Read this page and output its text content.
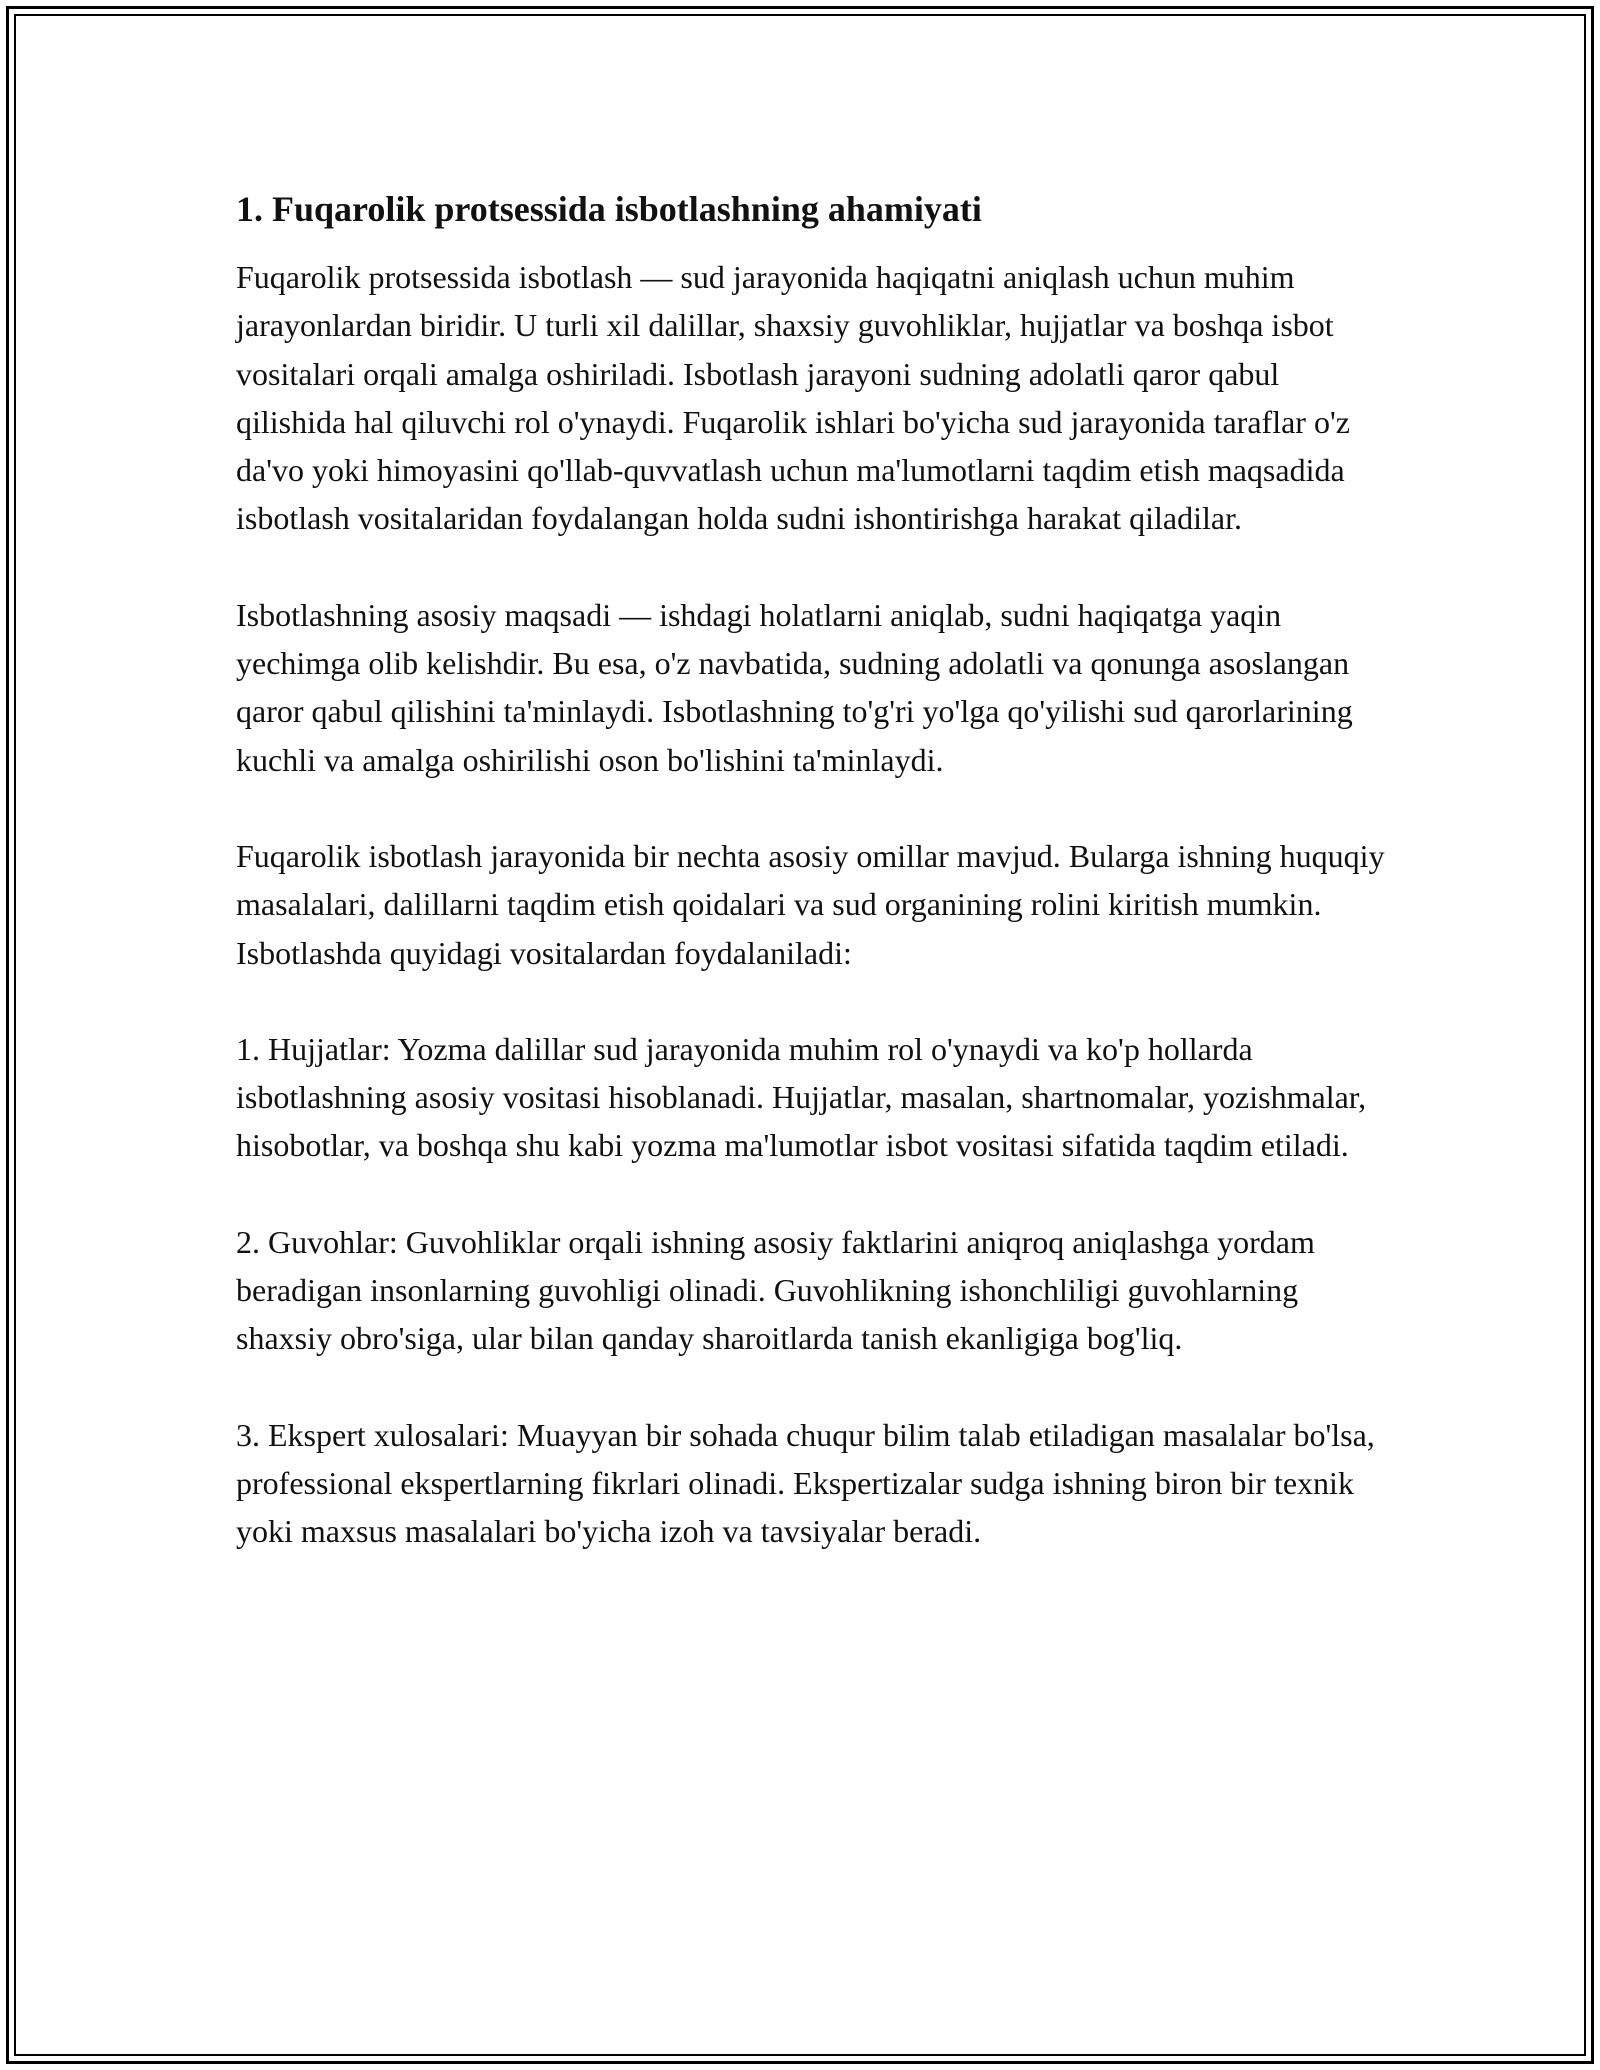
1. Fuqarolik protsessida isbotlashning ahamiyati

Fuqarolik protsessida isbotlash — sud jarayonida haqiqatni aniqlash uchun muhim jarayonlardan biridir. U turli xil dalillar, shaxsiy guvohliklar, hujjatlar va boshqa isbot vositalari orqali amalga oshiriladi. Isbotlash jarayoni sudning adolatli qaror qabul qilishida hal qiluvchi rol o'ynaydi. Fuqarolik ishlari bo'yicha sud jarayonida taraflar o'z da'vo yoki himoyasini qo'llab-quvvatlash uchun ma'lumotlarni taqdim etish maqsadida isbotlash vositalaridan foydalangan holda sudni ishontirishga harakat qiladilar.

Isbotlashning asosiy maqsadi — ishdagi holatlarni aniqlab, sudni haqiqatga yaqin yechimga olib kelishdir. Bu esa, o'z navbatida, sudning adolatli va qonunga asoslangan qaror qabul qilishini ta'minlaydi. Isbotlashning to'g'ri yo'lga qo'yilishi sud qarorlarining kuchli va amalga oshirilishi oson bo'lishini ta'minlaydi.

Fuqarolik isbotlash jarayonida bir nechta asosiy omillar mavjud. Bularga ishning huquqiy masalalari, dalillarni taqdim etish qoidalari va sud organining rolini kiritish mumkin. Isbotlashda quyidagi vositalardan foydalaniladi:

1. Hujjatlar: Yozma dalillar sud jarayonida muhim rol o'ynaydi va ko'p hollarda isbotlashning asosiy vositasi hisoblanadi. Hujjatlar, masalan, shartnomalar, yozishmalar, hisobotlar, va boshqa shu kabi yozma ma'lumotlar isbot vositasi sifatida taqdim etiladi.

2. Guvohlar: Guvohliklar orqali ishning asosiy faktlarini aniqroq aniqlashga yordam beradigan insonlarning guvohligi olinadi. Guvohlikning ishonchliligi guvohlarning shaxsiy obro'siga, ular bilan qanday sharoitlarda tanish ekanligiga bog'liq.

3. Ekspert xulosalari: Muayyan bir sohada chuqur bilim talab etiladigan masalalar bo'lsa, professional ekspertlarning fikrlari olinadi. Ekspertizalar sudga ishning biron bir texnik yoki maxsus masalalari bo'yicha izoh va tavsiyalar beradi.
